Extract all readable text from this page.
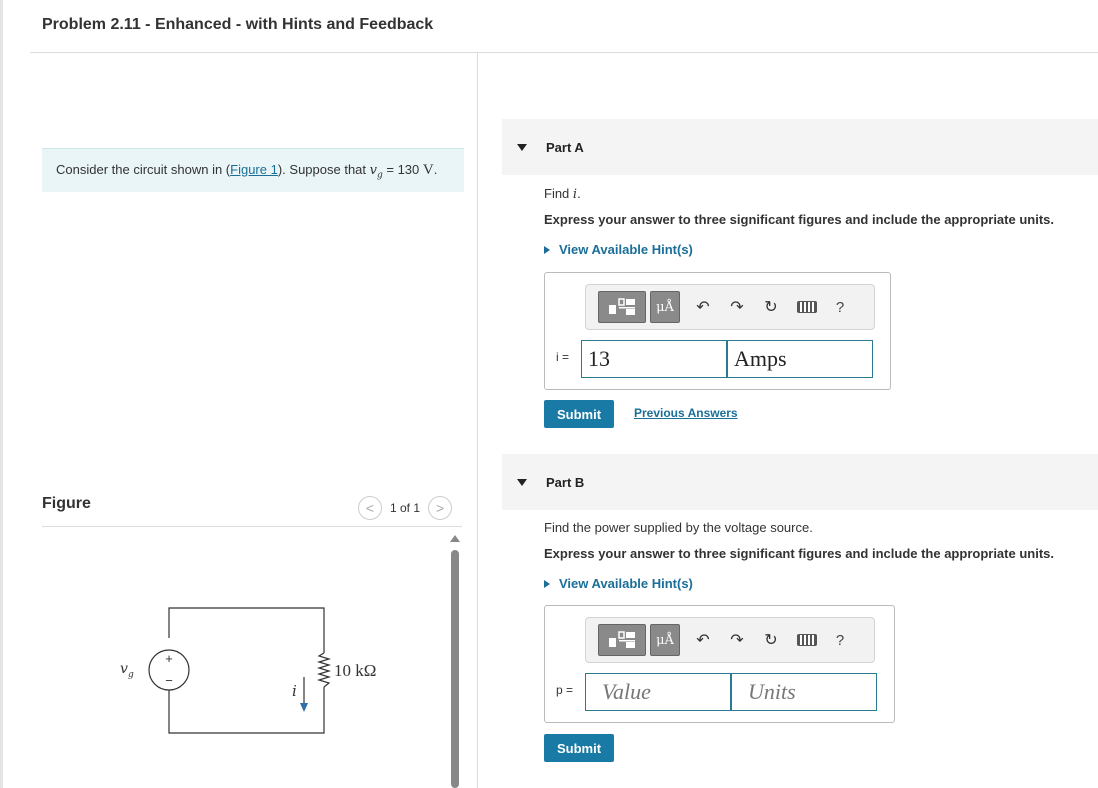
Problem 2.11 - Enhanced - with Hints and Feedback
Consider the circuit shown in (Figure 1). Suppose that $v_g = 130$ V.
Figure	< 1 of 1 >
+
−
v g	10 kΩ
i
Part A
Find i.
Express your answer to three significant figures and include the appropriate units.
View Available Hint(s)
μÅ	↶	↷	↻	?
i = 13	Amps
Submit	Previous Answers
Part B
Find the power supplied by the voltage source.
Express your answer to three significant figures and include the appropriate units.
View Available Hint(s)
μÅ	↶	↷	↻	?
p =	Value	Units
Submit
